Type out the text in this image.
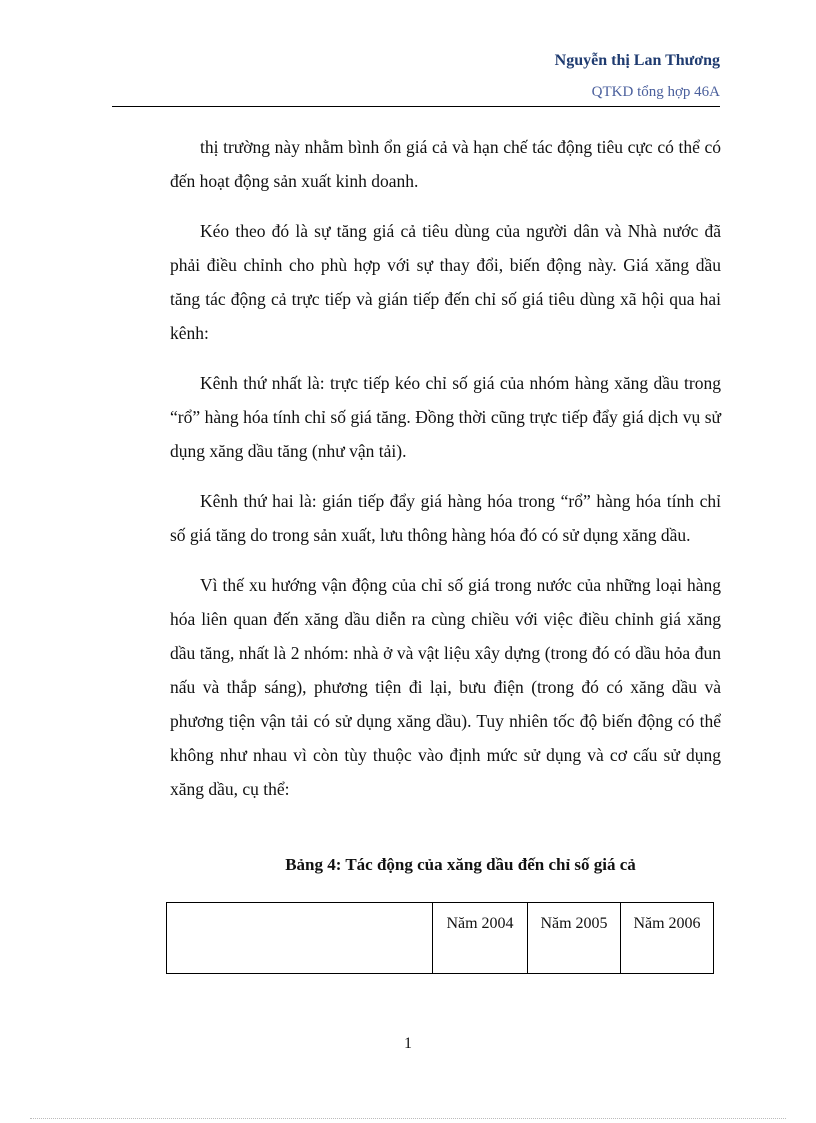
Nguyễn thị Lan Thương
QTKD tổng hợp 46A

thị trường này nhằm bình ổn giá cả và hạn chế tác động tiêu cực có thể có đến hoạt động sản xuất kinh doanh.

Kéo theo đó là sự tăng giá cả tiêu dùng của người dân và Nhà nước đã phải điều chỉnh cho phù hợp với sự thay đổi, biến động này. Giá xăng dầu tăng tác động cả trực tiếp và gián tiếp đến chỉ số giá tiêu dùng xã hội qua hai kênh:

Kênh thứ nhất là: trực tiếp kéo chỉ số giá của nhóm hàng xăng dầu trong “rổ” hàng hóa tính chỉ số giá tăng. Đồng thời cũng trực tiếp đẩy giá dịch vụ sử dụng xăng dầu tăng (như vận tải).

Kênh thứ hai là: gián tiếp đẩy giá hàng hóa trong “rổ” hàng hóa tính chỉ số giá tăng do trong sản xuất, lưu thông hàng hóa đó có sử dụng xăng dầu.

Vì thế xu hướng vận động của chỉ số giá trong nước của những loại hàng hóa liên quan đến xăng dầu diễn ra cùng chiều với việc điều chỉnh giá xăng dầu tăng, nhất là 2 nhóm: nhà ở và vật liệu xây dựng (trong đó có dầu hỏa đun nấu và thắp sáng), phương tiện đi lại, bưu điện (trong đó có xăng dầu và phương tiện vận tải có sử dụng xăng dầu). Tuy nhiên tốc độ biến động có thể không như nhau vì còn tùy thuộc vào định mức sử dụng và cơ cấu sử dụng xăng dầu, cụ thể:

Bảng 4: Tác động của xăng dầu đến chỉ số giá cả
	Năm 2004	Năm 2005	Năm 2006
1
